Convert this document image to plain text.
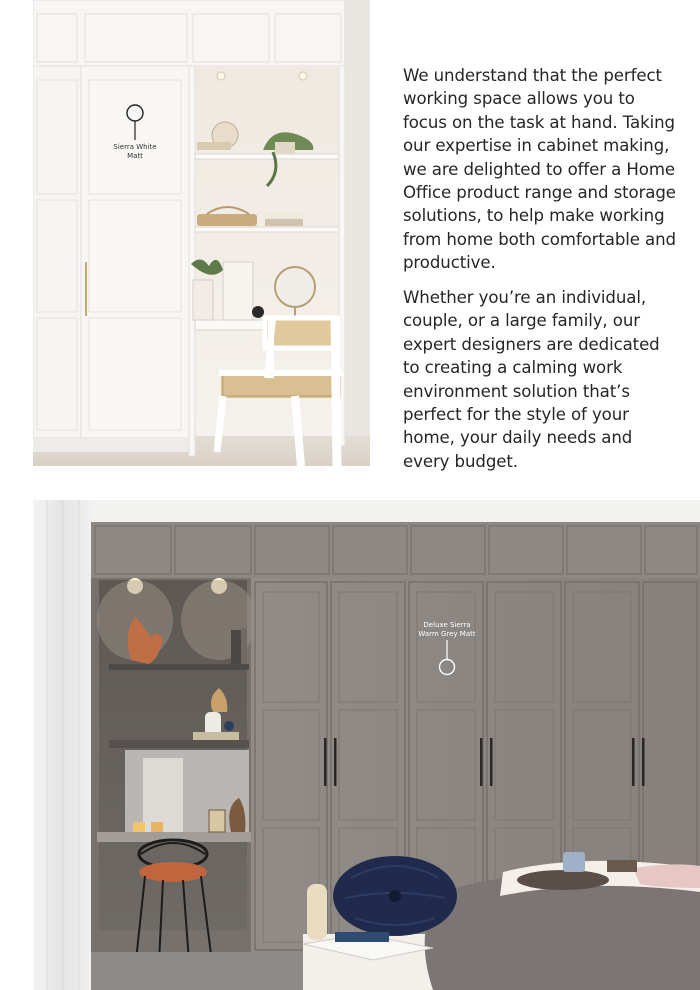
Sierra White
Matt

We understand that the perfect working space allows you to focus on the task at hand. Taking our expertise in cabinet making, we are delighted to offer a Home Office product range and storage solutions, to help make working from home both comfortable and productive.

Whether you’re an individual, couple, or a large family, our expert designers are dedicated to creating a calming work environment solution that’s perfect for the style of your home, your daily needs and every budget.

Deluxe Sierra
Warm Grey Matt
